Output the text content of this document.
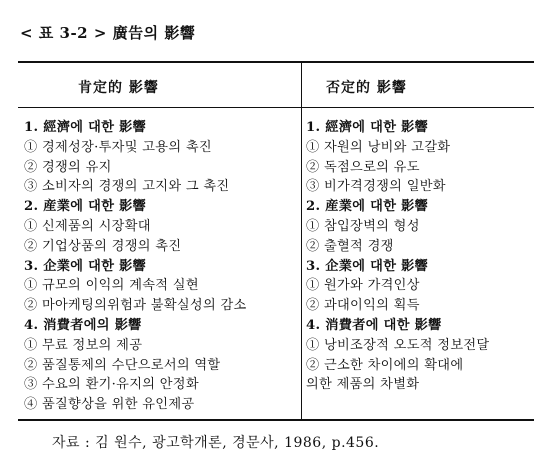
< 표 3-2 > 廣告의 影響
肯定的 影響	否定的 影響
1. 經濟에 대한 影響
① 경제성장·투자및 고용의 촉진
② 경쟁의 유지
③ 소비자의 경쟁의 고지와 그 촉진
2. 産業에 대한 影響
① 신제품의 시장확대
② 기업상품의 경쟁의 촉진
3. 企業에 대한 影響
① 규모의 이익의 계속적 실현
② 마아케팅의위험과 불확실성의 감소
4. 消費者에의 影響
① 무료 정보의 제공
② 품질통제의 수단으로서의 역할
③ 수요의 환기·유지의 안정화
④ 품질향상을 위한 유인제공
1. 經濟에 대한 影響
① 자원의 낭비와 고갈화
② 독점으로의 유도
③ 비가격경쟁의 일반화
2. 産業에 대한 影響
① 참입장벽의 형성
② 출혈적 경쟁
3. 企業에 대한 影響
① 원가와 가격인상
② 과대이익의 획득
4. 消費者에 대한 影響
① 낭비조장적 오도적 정보전달
② 근소한 차이에의 확대에
의한 제품의 차별화
자료 : 김 원수, 광고학개론, 경문사, 1986, p.456.
